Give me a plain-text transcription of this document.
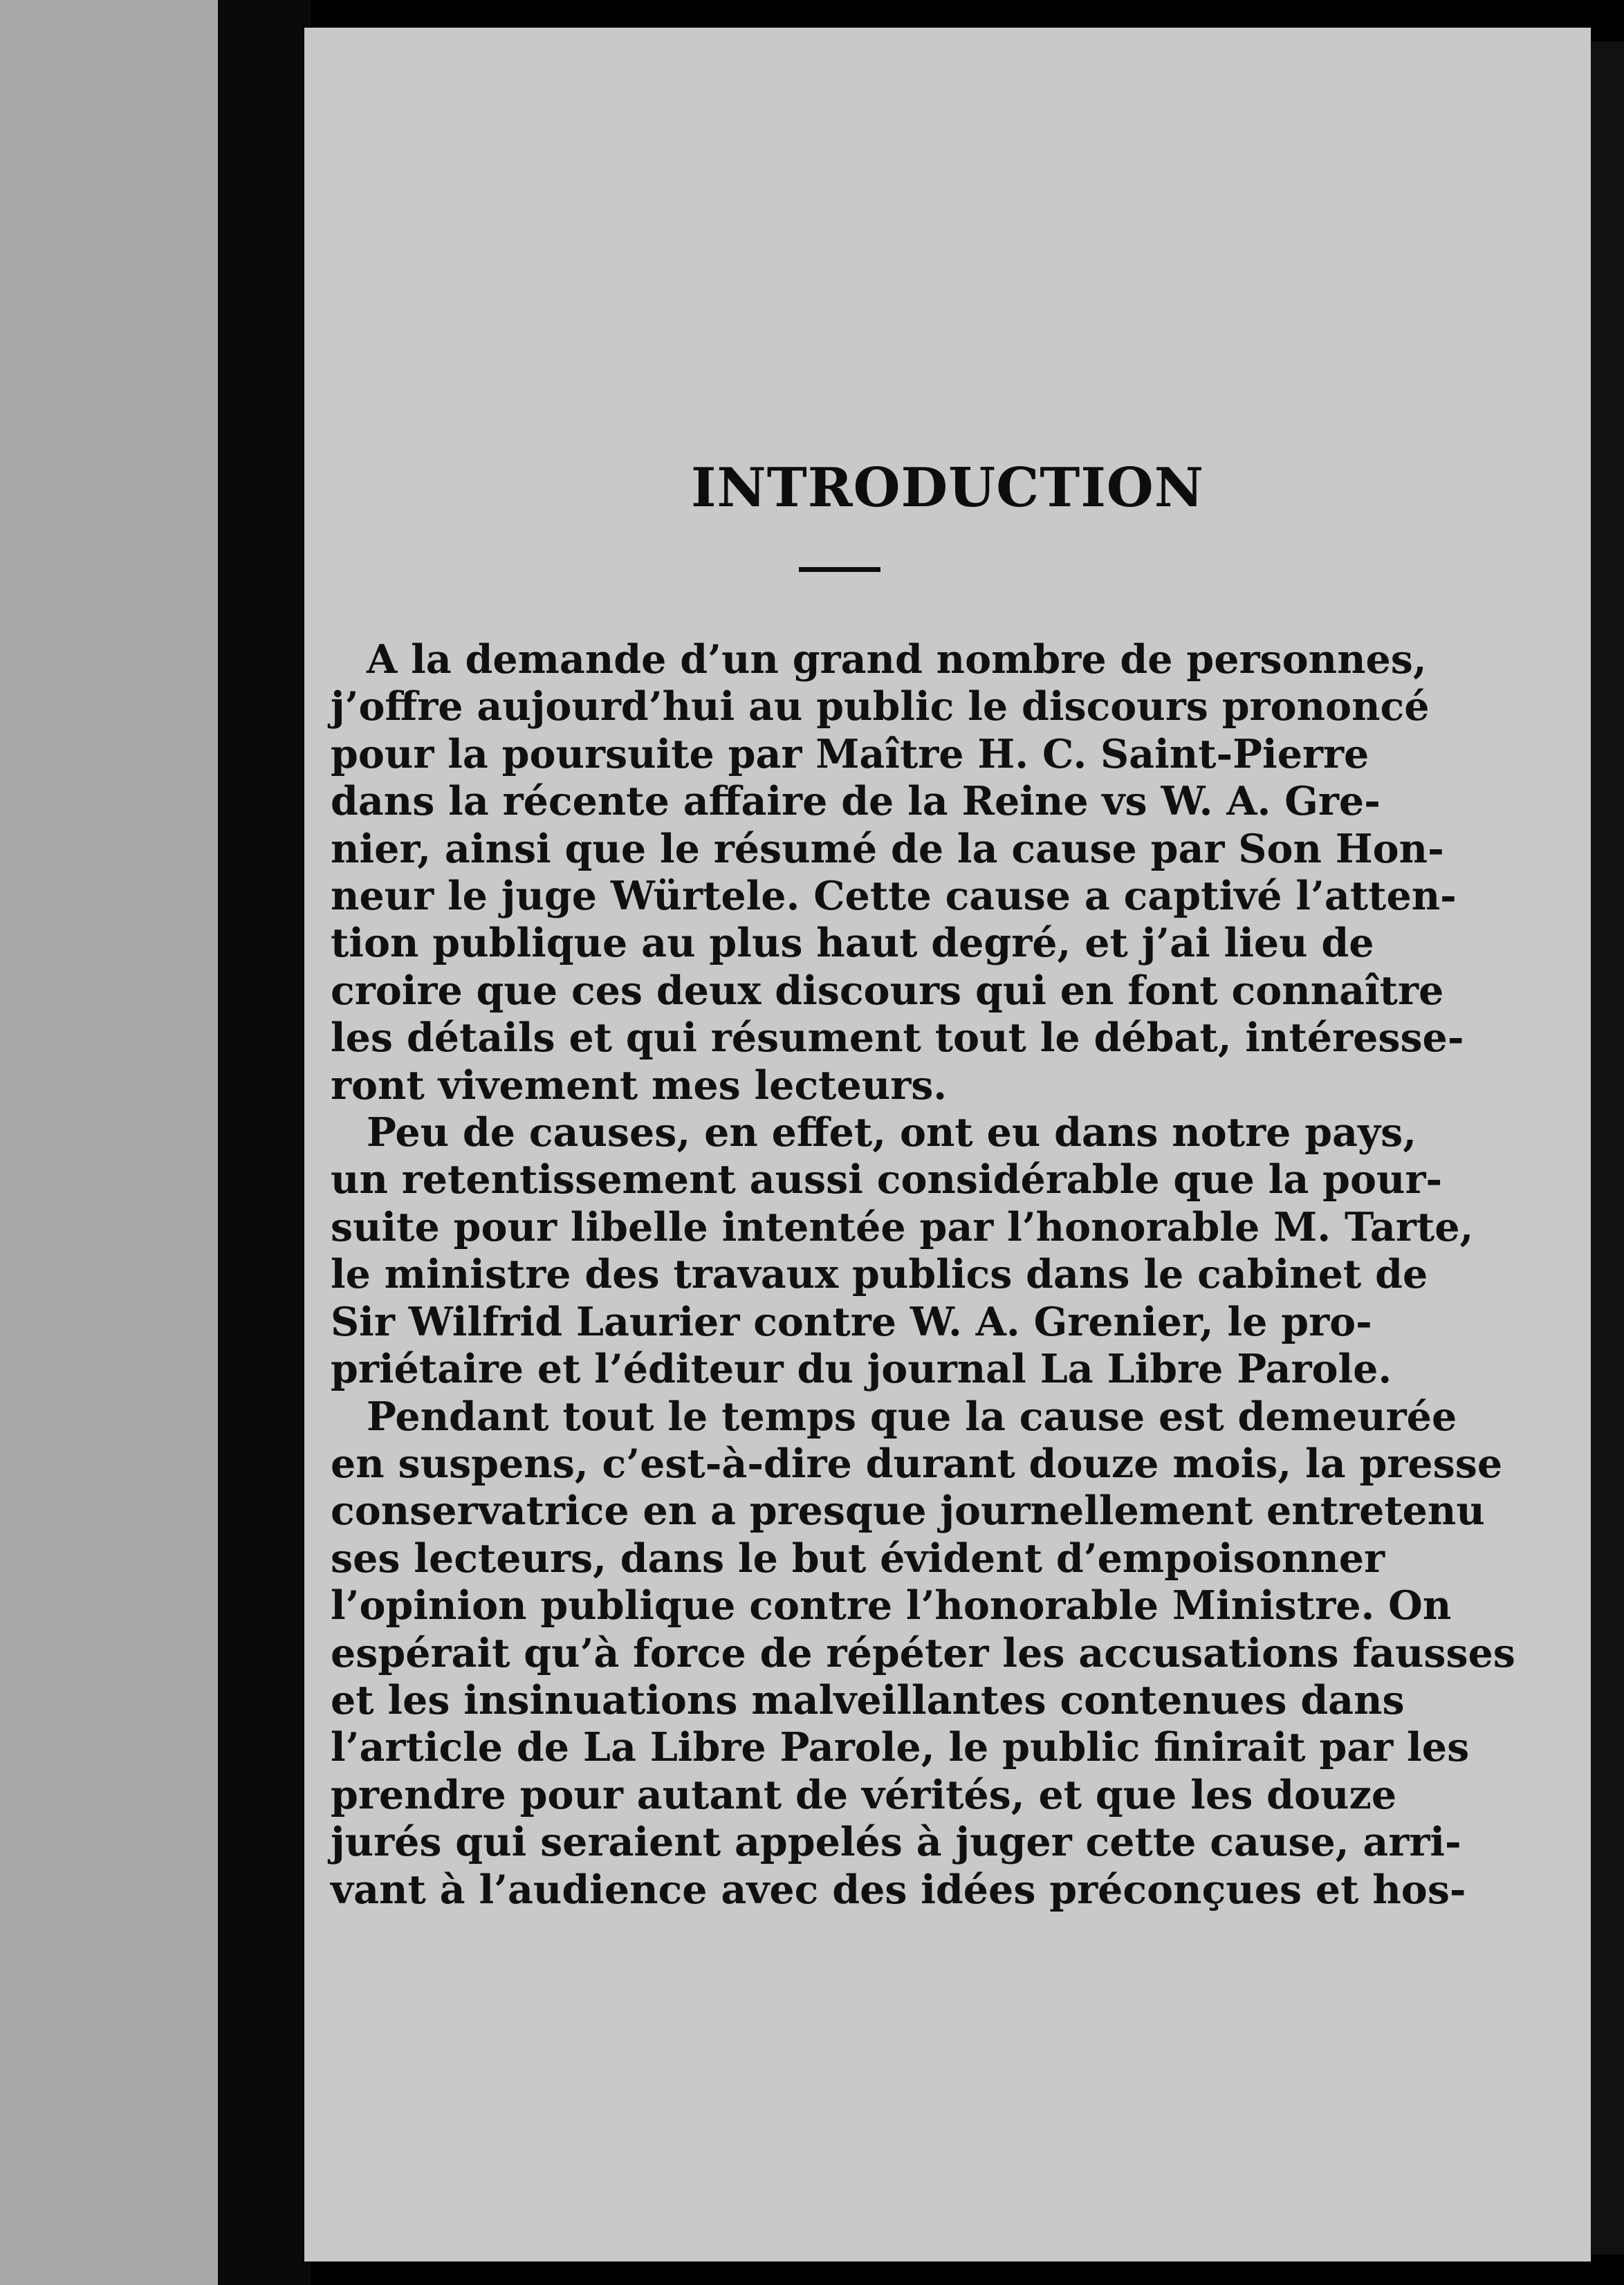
INTRODUCTION
A la demande d’un grand nombre de personnes,
j’offre aujourd’hui au public le discours prononcé
pour la poursuite par Maître H. C. Saint-Pierre
dans la récente affaire de la Reine vs W. A. Gre-
nier, ainsi que le résumé de la cause par Son Hon-
neur le juge Würtele. Cette cause a captivé l’atten-
tion publique au plus haut degré, et j’ai lieu de
croire que ces deux discours qui en font connaître
les détails et qui résument tout le débat, intéresse-
ront vivement mes lecteurs.
Peu de causes, en effet, ont eu dans notre pays,
un retentissement aussi considérable que la pour-
suite pour libelle intentée par l’honorable M. Tarte,
le ministre des travaux publics dans le cabinet de
Sir Wilfrid Laurier contre W. A. Grenier, le pro-
priétaire et l’éditeur du journal La Libre Parole.
Pendant tout le temps que la cause est demeurée
en suspens, c’est-à-dire durant douze mois, la presse
conservatrice en a presque journellement entretenu
ses lecteurs, dans le but évident d’empoisonner
l’opinion publique contre l’honorable Ministre. On
espérait qu’à force de répéter les accusations fausses
et les insinuations malveillantes contenues dans
l’article de La Libre Parole, le public finirait par les
prendre pour autant de vérités, et que les douze
jurés qui seraient appelés à juger cette cause, arri-
vant à l’audience avec des idées préconçues et hos-
